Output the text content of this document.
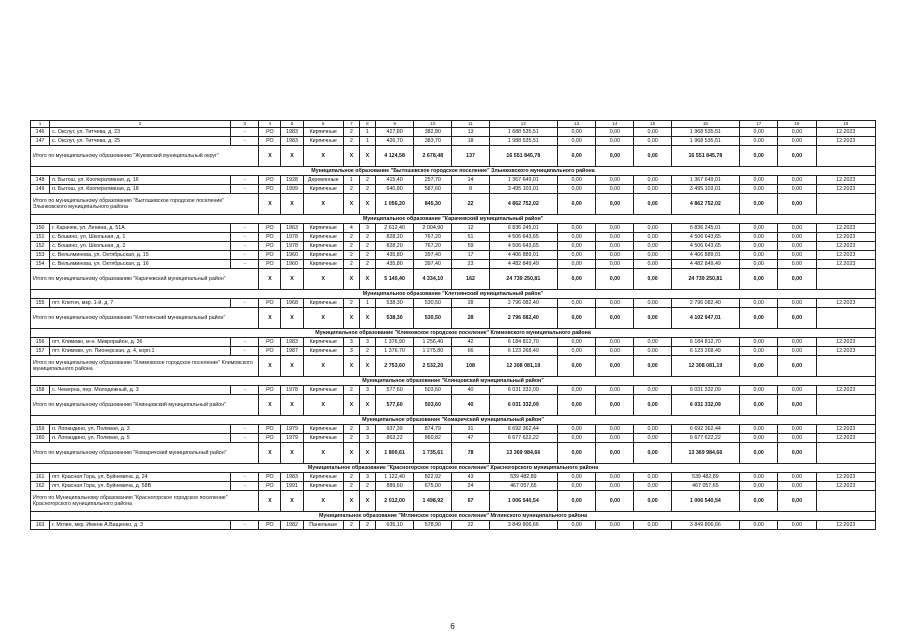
1	2	3	4	5	6	7	8	9	10	11	12	13	14	15	16	17	18	19
146	с. Окслуг, ул. Титчева, д. 23	-	РО	1983	Кирпичные	2	1	427,80	382,80	13	1 688 535,51	0,00	0,00	0,00	1 968 535,51	0,00	0,00	12.2023
147	с. Окслуг, ул. Титчева, д. 25	-	РО	1983	Кирпичные	2	1	426,70	383,70	18	1 988 535,51	0,00	0,00	0,00	1 968 535,51	0,00	0,00	12.2023
Итого по муниципальному образованию "Жуковский муниципальный округ"			X	X	X	X	X	4 124,58	2 678,48	137	16 551 845,78	0,00	0,00	0,00	16 551 845,78	0,00	0,00	
Муниципальное образование "Бытошевское городское поселение" Злынковского муниципального района																		
148	п. Бытош, ул. Кооперативная, д. 16	-	РО	1928	Деревянные	1	2	415,40	257,70	14	1 367 649,01	0,00	0,00	0,00	1 367 649,01	0,00	0,00	12.2023
149	п. Бытош, ул. Кооперативная, д. 18	-	РО	1999	Кирпичные	2	2	640,80	587,60	8	3 495 103,01	0,00	0,00	0,00	3 495 103,01	0,00	0,00	12.2023
Итого по муниципальному образованию "Бытошевское городское поселение" Злынковского муниципального района			X	X	X	X	X	1 056,20	845,30	22	4 862 752,02	0,00	0,00	0,00	4 862 752,02	0,00	0,00	
Муниципальное образование "Карачевский муниципальный район"																		
150	г. Карачев, ул. Ленина, д. 51А	-	РО	1963	Кирпичные	4	3	2 612,40	2 004,90	12	6 836 245,01	0,00	0,00	0,00	6 836 245,01	0,00	0,00	12.2023
151	с. Бошино, ул. Школьная, д. 1	-	РО	1978	Кирпичные	2	2	828,20	767,20	51	4 506 643,65	0,00	0,00	0,00	4 506 643,65	0,00	0,00	12.2023
152	с. Бошино, ул. Школьная, д. 2	-	РО	1978	Кирпичные	2	2	828,20	767,20	59	4 506 643,65	0,00	0,00	0,00	4 506 643,65	0,00	0,00	12.2023
153	с. Вельяминова, ул. Октябрьская, д. 15	-	РО	1960	Кирпичные	2	2	435,80	397,40	17	4 406 889,01	0,00	0,00	0,00	4 406 889,01	0,00	0,00	12.2023
154	с. Вельяминова, ул. Октябрьская, д. 16	-	РО	1960	Кирпичные	2	2	435,80	397,40	23	4 482 849,49	0,00	0,00	0,00	4 482 849,49	0,00	0,00	12.2023
Итого по муниципальному образованию "Карачевский муниципальный район"			X	X	X	X	X	5 140,40	4 334,10	162	24 739 250,81	0,00	0,00	0,00	24 739 250,81	0,00	0,00	
Муниципальное образование "Клетнянский муниципальный район"																		
155	пгт. Клетня, мкр. 1-й, д. 7	-	РО	1968	Кирпичные	2	1	538,30	530,50	28	2 796 082,40	0,00	0,00	0,00	2 796 082,40	0,00	0,00	12.2023
Итого по муниципальному образованию "Клетнянский муниципальный район"			X	X	X	X	X	538,30	530,50	28	2 796 082,40	0,00	0,00	0,00	4 102 947,01	0,00	0,00	
Муниципальное образование "Климовское городское поселение" Климовского муниципального района																		
156	пгт. Климово, м-н. Микрорайон, д. 36	-	РО	1983	Кирпичные	3	3	1 376,90	1 256,40	42	6 184 812,70	0,00	0,00	0,00	6 184 812,70	0,00	0,00	12.2023
157	пгт. Климово, ул. Пионерская, д. 4, корп.1	-	РО	1987	Кирпичные	3	2	1 376,70	1 275,80	66	6 123 268,49	0,00	0,00	0,00	6 123 268,49	0,00	0,00	12.2023
Итого по муниципальному образованию "Климовское городское поселение" Климовского муниципального района			X	X	X	X	X	2 753,60	2 532,20	108	12 308 081,19	0,00	0,00	0,00	12 308 081,19	0,00	0,00	
Муниципальное образование "Клинцовский муниципальный район"																		
158	с. Чемерна, пер. Молодежный, д. 3	-	РО	1978	Кирпичные	2	3	577,60	503,60	40	6 031 332,09	0,00	0,00	0,00	6 031 332,09	0,00	0,00	12.2023
Итого по муниципальному образованию "Клинцовский муниципальный район"			X	X	X	X	X	577,60	503,60	40	6 031 332,09	0,00	0,00	0,00	6 031 332,09	0,00	0,00	
Муниципальное образование "Комаричский муниципальный район"																		
159	п. Лопандино, ул. Полевая, д. 3	-	РО	1979	Кирпичные	2	3	937,39	874,79	31	6 692 362,44	0,00	0,00	0,00	6 692 362,44	0,00	0,00	12.2023
160	п. Лопандино, ул. Полевая, д. 5	-	РО	1979	Кирпичные	2	3	863,22	860,82	47	6 677 622,22	0,00	0,00	0,00	6 677 622,22	0,00	0,00	12.2023
Итого по муниципальному образованию "Комаричский муниципальный район"			X	X	X	X	X	1 800,61	1 735,61	78	13 369 984,66	0,00	0,00	0,00	13 369 984,66	0,00	0,00	
Муниципальное образование "Красногорское городское поселение" Красногорского муниципального района																		
161	пгт. Красная Гора, ул. Буйневича, д. 24	-	РО	1983	Кирпичные	2	3	1 122,40	822,92	43	539 482,89	0,00	0,00	0,00	539 482,89	0,00	0,00	12.2023
162	пгт. Красная Гора, ул. Буйневича, д. 58В	-	РО	1991	Кирпичные	2	2	889,60	675,00	24	467 057,65	0,00	0,00	0,00	467 057,65	0,00	0,00	12.2023
Итого по Муниципальному образованию "Красногорское городское поселение" Красногорского муниципального района			X	X	X	X	X	2 012,00	1 498,92	67	1 006 540,54	0,00	0,00	0,00	1 006 540,54	0,00	0,00	
Муниципальное образование "Мглинское городское поселение" Мглинского муниципального района																		
163	г. Мглин, мкр. Имени А.Ващенко, д. 3	-	РО	1982	Панельные	2	2	635,10	578,90	22	3 849 806,66	0,00	0,00	0,00	3 849 806,66	0,00	0,00	12.2023
6
